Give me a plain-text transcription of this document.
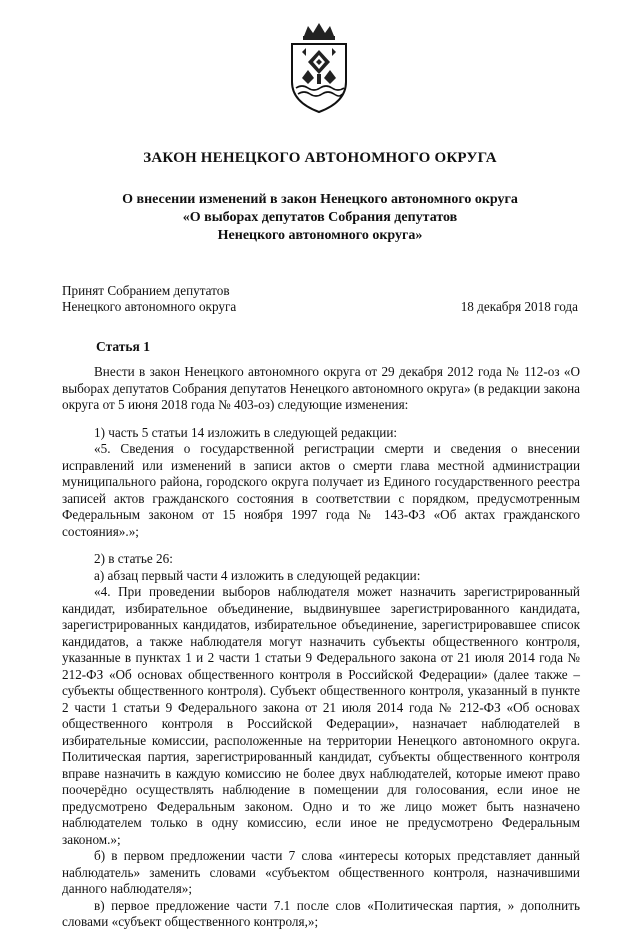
ЗАКОН НЕНЕЦКОГО АВТОНОМНОГО ОКРУГА
О внесении изменений в закон Ненецкого автономного округа
«О выборах депутатов Собрания депутатов
Ненецкого автономного округа»
Принят Собранием депутатов
Ненецкого автономного округа	18 декабря 2018 года
Статья 1

Внести в закон Ненецкого автономного округа от 29 декабря 2012 года № 112-оз «О выборах депутатов Собрания депутатов Ненецкого автономного округа» (в редакции закона округа от 5 июня 2018 года № 403-оз) следующие изменения:

1) часть 5 статьи 14 изложить в следующей редакции:

«5. Сведения о государственной регистрации смерти и сведения о внесении исправлений или изменений в записи актов о смерти глава местной администрации муниципального района, городского округа получает из Единого государственного реестра записей актов гражданского состояния в соответствии с порядком, предусмотренным Федеральным законом от 15 ноября 1997 года № 143-ФЗ «Об актах гражданского состояния».»;

2) в статье 26:

а) абзац первый части 4 изложить в следующей редакции:

«4. При проведении выборов наблюдателя может назначить зарегистрированный кандидат, избирательное объединение, выдвинувшее зарегистрированного кандидата, зарегистрированных кандидатов, избирательное объединение, зарегистрировавшее список кандидатов, а также наблюдателя могут назначить субъекты общественного контроля, указанные в пунктах 1 и 2 части 1 статьи 9 Федерального закона от 21 июля 2014 года № 212-ФЗ «Об основах общественного контроля в Российской Федерации» (далее также – субъекты общественного контроля). Субъект общественного контроля, указанный в пункте 2 части 1 статьи 9 Федерального закона от 21 июля 2014 года № 212-ФЗ «Об основах общественного контроля в Российской Федерации», назначает наблюдателей в избирательные комиссии, расположенные на территории Ненецкого автономного округа. Политическая партия, зарегистрированный кандидат, субъекты общественного контроля вправе назначить в каждую комиссию не более двух наблюдателей, которые имеют право поочерёдно осуществлять наблюдение в помещении для голосования, если иное не предусмотрено Федеральным законом. Одно и то же лицо может быть назначено наблюдателем только в одну комиссию, если иное не предусмотрено Федеральным законом.»;

б) в первом предложении части 7 слова «интересы которых представляет данный наблюдатель» заменить словами «субъектом общественного контроля, назначившими данного наблюдателя»;

в) первое предложение части 7.1 после слов «Политическая партия, » дополнить словами «субъект общественного контроля,»;
